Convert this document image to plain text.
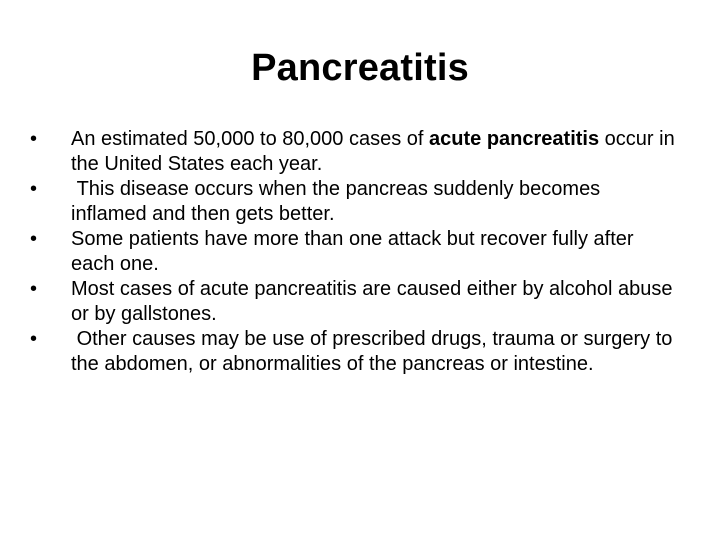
Pancreatitis
•	An estimated 50,000 to 80,000 cases of acute pancreatitis occur in the United States each year.
•	This disease occurs when the pancreas suddenly becomes inflamed and then gets better.
•	Some patients have more than one attack but recover fully after each one.
•	Most cases of acute pancreatitis are caused either by alcohol abuse or by gallstones.
•	Other causes may be use of prescribed drugs, trauma or surgery to the abdomen, or abnormalities of the pancreas or intestine.
